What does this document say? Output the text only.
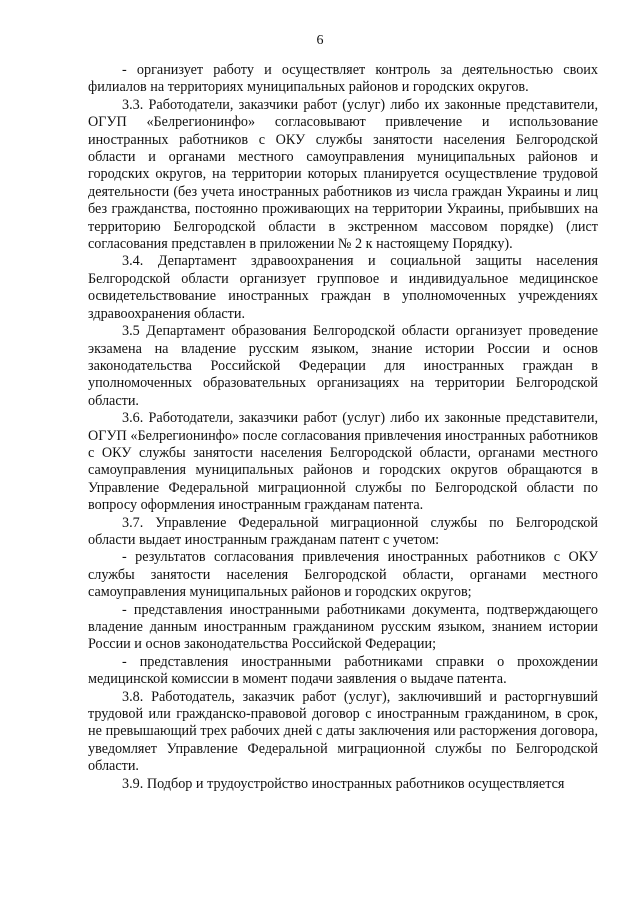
6

- организует работу и осуществляет контроль за деятельностью своих филиалов на территориях муниципальных районов и городских округов.

3.3. Работодатели, заказчики работ (услуг) либо их законные представители, ОГУП «Белрегионинфо» согласовывают привлечение и использование иностранных работников с ОКУ службы занятости населения Белгородской области и органами местного самоуправления муниципальных районов и городских округов, на территории которых планируется осуществление трудовой деятельности (без учета иностранных работников из числа граждан Украины и лиц без гражданства, постоянно проживающих на территории Украины, прибывших на территорию Белгородской области в экстренном массовом порядке) (лист согласования представлен в приложении № 2 к настоящему Порядку).

3.4. Департамент здравоохранения и социальной защиты населения Белгородской области организует групповое и индивидуальное медицинское освидетельствование иностранных граждан в уполномоченных учреждениях здравоохранения области.

3.5 Департамент образования Белгородской области организует проведение экзамена на владение русским языком, знание истории России и основ законодательства Российской Федерации для иностранных граждан в уполномоченных образовательных организациях на территории Белгородской области.

3.6. Работодатели, заказчики работ (услуг) либо их законные представители, ОГУП «Белрегионинфо» после согласования привлечения иностранных работников с ОКУ службы занятости населения Белгородской области, органами местного самоуправления муниципальных районов и городских округов обращаются в Управление Федеральной миграционной службы по Белгородской области по вопросу оформления иностранным гражданам патента.

3.7. Управление Федеральной миграционной службы по Белгородской области выдает иностранным гражданам патент с учетом:

- результатов согласования привлечения иностранных работников с ОКУ службы занятости населения Белгородской области, органами местного самоуправления муниципальных районов и городских округов;

- представления иностранными работниками документа, подтверждающего владение данным иностранным гражданином русским языком, знанием истории России и основ законодательства Российской Федерации;

- представления иностранными работниками справки о прохождении медицинской комиссии в момент подачи заявления о выдаче патента.

3.8. Работодатель, заказчик работ (услуг), заключивший и расторгнувший трудовой или гражданско-правовой договор с иностранным гражданином, в срок, не превышающий трех рабочих дней с даты заключения или расторжения договора, уведомляет Управление Федеральной миграционной службы по Белгородской области.

3.9. Подбор и трудоустройство иностранных работников осуществляется
